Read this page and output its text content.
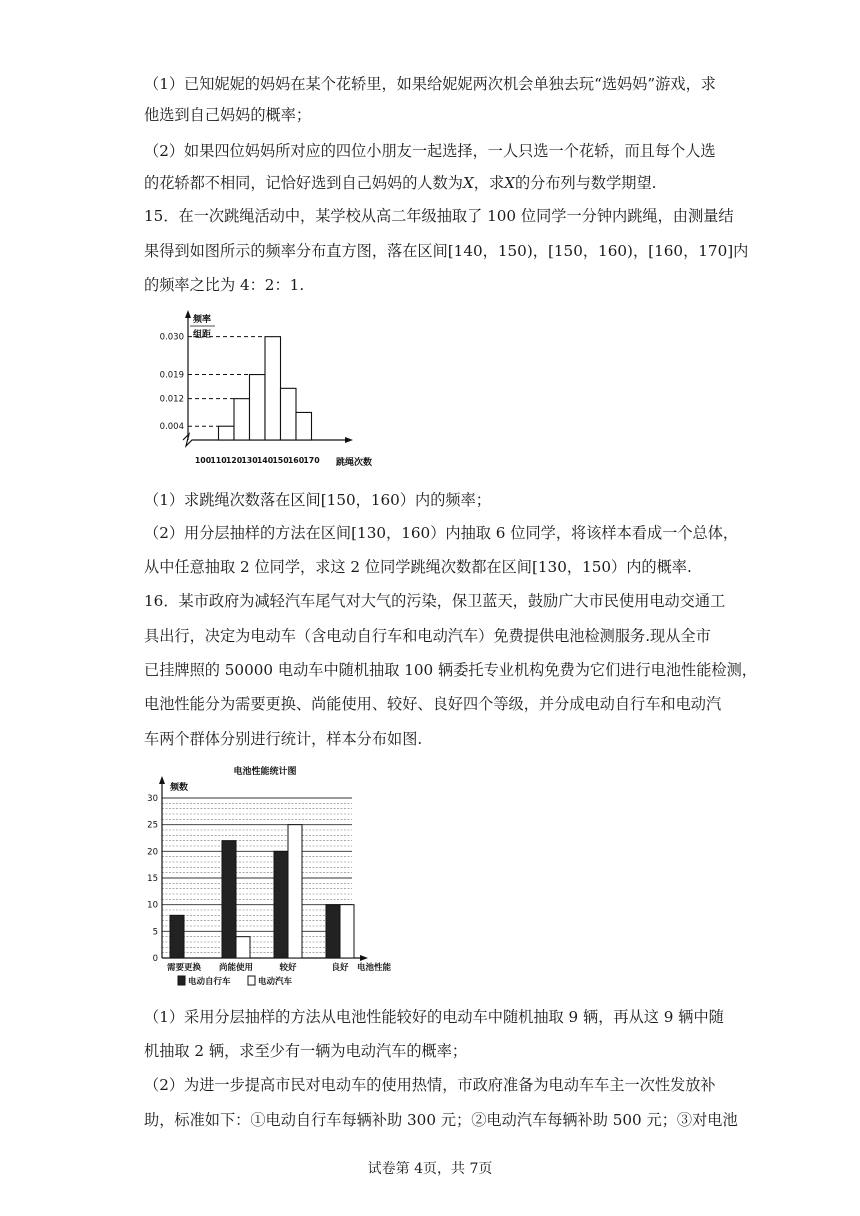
（1）已知妮妮的妈妈在某个花轿里，如果给妮妮两次机会单独去玩“选妈妈”游戏，求
他选到自己妈妈的概率；
（2）如果四位妈妈所对应的四位小朋友一起选择，一人只选一个花轿，而且每个人选
的花轿都不相同，记恰好选到自己妈妈的人数为X，求X的分布列与数学期望.
15．在一次跳绳活动中，某学校从高二年级抽取了 100 位同学一分钟内跳绳，由测量结
果得到如图所示的频率分布直方图，落在区间[140，150)，[150，160)，[160，170]内
的频率之比为 4：2：1.
频率
组距
0.030
0.019
0.012
0.004
100 110 120 130 140 150 160 170 跳绳次数
（1）求跳绳次数落在区间[150，160）内的频率；
（2）用分层抽样的方法在区间[130，160）内抽取 6 位同学，将该样本看成一个总体，
从中任意抽取 2 位同学，求这 2 位同学跳绳次数都在区间[130，150）内的概率.
16．某市政府为减轻汽车尾气对大气的污染，保卫蓝天，鼓励广大市民使用电动交通工
具出行，决定为电动车（含电动自行车和电动汽车）免费提供电池检测服务.现从全市
已挂牌照的 50000 电动车中随机抽取 100 辆委托专业机构免费为它们进行电池性能检测，
电池性能分为需要更换、尚能使用、较好、良好四个等级，并分成电动自行车和电动汽
车两个群体分别进行统计，样本分布如图.
电池性能统计图
频数
0
5
10
15
20
25
30
需要更换 尚能使用	较好	良好 电池性能
电动自行车	电动汽车
（1）采用分层抽样的方法从电池性能较好的电动车中随机抽取 9 辆，再从这 9 辆中随
机抽取 2 辆，求至少有一辆为电动汽车的概率；
（2）为进一步提高市民对电动车的使用热情，市政府准备为电动车车主一次性发放补
助，标准如下：①电动自行车每辆补助 300 元；②电动汽车每辆补助 500 元；③对电池
试卷第 4页，共 7页
